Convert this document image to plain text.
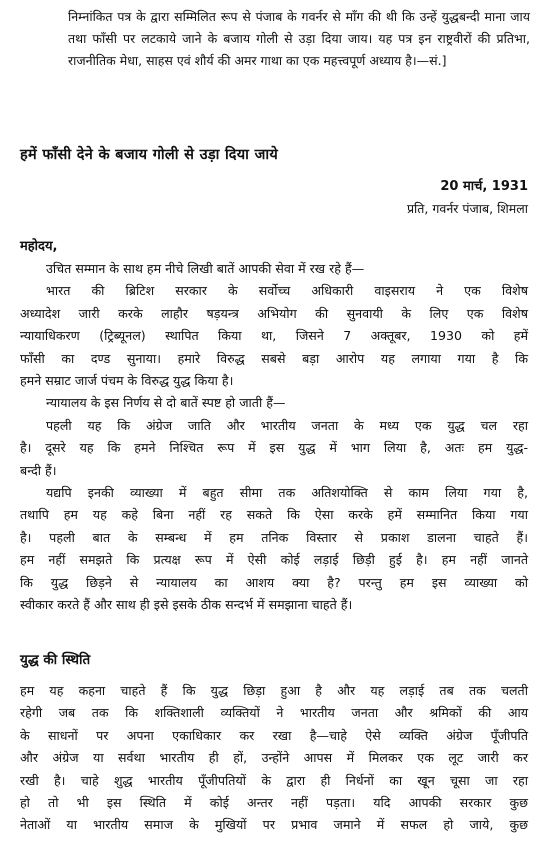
निम्नांकित पत्र के द्वारा सम्मिलित रूप से पंजाब के गवर्नर से माँग की थी कि उन्हें युद्धबन्दी माना जाय तथा फाँसी पर लटकाये जाने के बजाय गोली से उड़ा दिया जाय। यह पत्र इन राष्ट्रवीरों की प्रतिभा, राजनीतिक मेधा, साहस एवं शौर्य की अमर गाथा का एक महत्त्वपूर्ण अध्याय है।—सं.]
हमें फाँसी देने के बजाय गोली से उड़ा दिया जाये
20 मार्च, 1931
प्रति, गवर्नर पंजाब, शिमला
महोदय,
उचित सम्मान के साथ हम नीचे लिखी बातें आपकी सेवा में रख रहे हैं—
भारत की ब्रिटिश सरकार के सर्वोच्च अधिकारी वाइसराय ने एक विशेष
अध्यादेश जारी करके लाहौर षड़यन्त्र अभियोग की सुनवायी के लिए एक विशेष
न्यायाधिकरण (ट्रिब्यूनल) स्थापित किया था, जिसने 7 अक्तूबर, 1930 को हमें
फाँसी का दण्ड सुनाया। हमारे विरुद्ध सबसे बड़ा आरोप यह लगाया गया है कि
हमने सम्राट जार्ज पंचम के विरुद्ध युद्ध किया है।
न्यायालय के इस निर्णय से दो बातें स्पष्ट हो जाती हैं—
पहली यह कि अंग्रेज जाति और भारतीय जनता के मध्य एक युद्ध चल रहा
है। दूसरे यह कि हमने निश्चित रूप में इस युद्ध में भाग लिया है, अतः हम युद्ध-
बन्दी हैं।
यद्यपि इनकी व्याख्या में बहुत सीमा तक अतिशयोक्ति से काम लिया गया है,
तथापि हम यह कहे बिना नहीं रह सकते कि ऐसा करके हमें सम्मानित किया गया
है। पहली बात के सम्बन्ध में हम तनिक विस्तार से प्रकाश डालना चाहते हैं।
हम नहीं समझते कि प्रत्यक्ष रूप में ऐसी कोई लड़ाई छिड़ी हुई है। हम नहीं जानते
कि युद्ध छिड़ने से न्यायालय का आशय क्या है? परन्तु हम इस व्याख्या को
स्वीकार करते हैं और साथ ही इसे इसके ठीक सन्दर्भ में समझाना चाहते हैं।
युद्ध की स्थिति
हम यह कहना चाहते हैं कि युद्ध छिड़ा हुआ है और यह लड़ाई तब तक चलती
रहेगी जब तक कि शक्तिशाली व्यक्तियों ने भारतीय जनता और श्रमिकों की आय
के साधनों पर अपना एकाधिकार कर रखा है—चाहे ऐसे व्यक्ति अंग्रेज पूँजीपति
और अंग्रेज या सर्वथा भारतीय ही हों, उन्होंने आपस में मिलकर एक लूट जारी कर
रखी है। चाहे शुद्ध भारतीय पूँजीपतियों के द्वारा ही निर्धनों का खून चूसा जा रहा
हो तो भी इस स्थिति में कोई अन्तर नहीं पड़ता। यदि आपकी सरकार कुछ
नेताओं या भारतीय समाज के मुखियों पर प्रभाव जमाने में सफल हो जाये, कुछ
